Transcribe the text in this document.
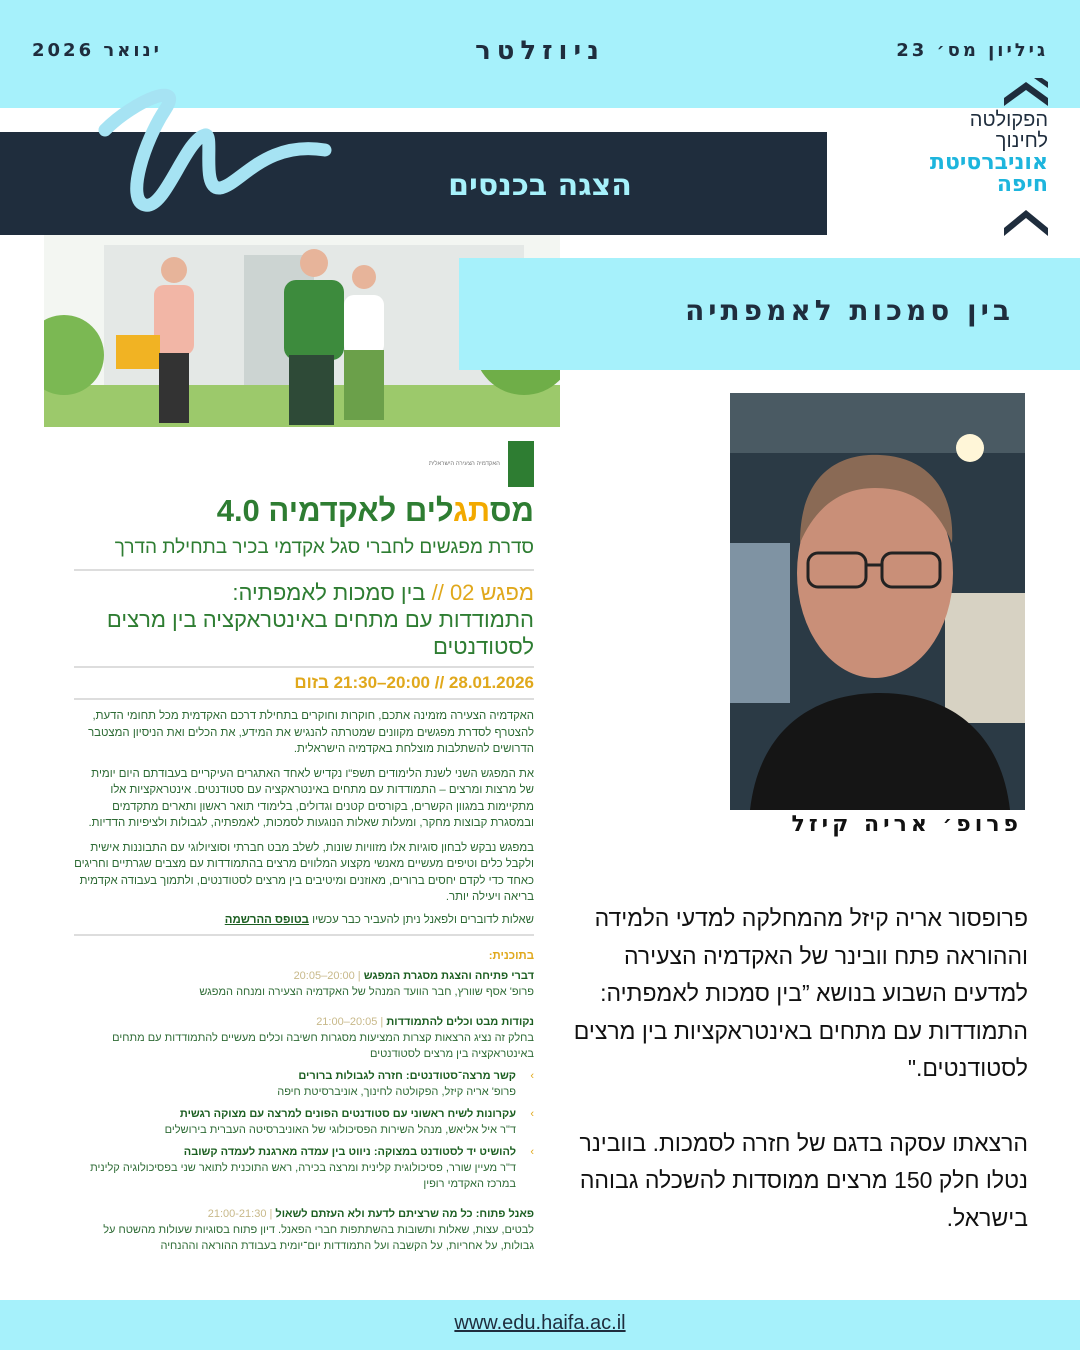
גיליון מס׳ 23
ניוזלטר
ינואר 2026
הפקולטה
לחינוך
אוניברסיטת
חיפה
הצגה בכנסים
האקדמיה הצעירה הישראלית
מסתגלים לאקדמיה 4.0
סדרת מפגשים לחברי סגל אקדמי בכיר בתחילת הדרך
מפגש 02 // בין סמכות לאמפתיה:
התמודדות עם מתחים באינטראקציה בין מרצים לסטודנטים
28.01.2026 // 20:00–21:30 בזום

האקדמיה הצעירה מזמינה אתכם, חוקרות וחוקרים בתחילת דרכם האקדמית מכל תחומי הדעת, להצטרף לסדרת מפגשים מקוונים שמטרתה להנגיש את המידע, את הכלים ואת הניסיון המצטבר הדרושים להשתלבות מוצלחת באקדמיה הישראלית.

את המפגש השני לשנת הלימודים תשפ"ו נקדיש לאחד האתגרים העיקריים בעבודתם היום יומית של מרצות ומרצים – התמודדות עם מתחים באינטראקציה עם סטודנטים. אינטראקציות אלו מתקיימות במגוון הקשרים, בקורסים קטנים וגדולים, בלימודי תואר ראשון ותארים מתקדמים ובמסגרת קבוצות מחקר, ומעלות שאלות הנוגעות לסמכות, לאמפתיה, לגבולות ולציפיות הדדיות.

במפגש נבקש לבחון סוגיות אלו מזוויות שונות, לשלב מבט חברתי וסוציולוגי עם התבוננות אישית ולקבל כלים וטיפים מעשיים מאנשי מקצוע המלווים מרצים בהתמודדות עם מצבים שגרתיים וחריגים כאחד כדי לקדם יחסים ברורים, מאוזנים ומיטיבים בין מרצים לסטודנטים, ולתמוך בעבודה אקדמית בריאה ויעילה יותר.

שאלות לדוברים ולפאנל ניתן להעביר כבר עכשיו בטופס ההרשמה
בתוכנית:
דברי פתיחה והצגת מסגרת המפגש | 20:00–20:05
פרופ' אסף שוורץ, חבר הוועד המנהל של האקדמיה הצעירה ומנחה המפגש
נקודות מבט וכלים להתמודדות | 20:05–21:00
בחלק זה נציג הרצאות קצרות המציעות מסגרות חשיבה וכלים מעשיים להתמודדות עם מתחים באינטראקציה בין מרצים לסטודנטים
› קשר מרצה־סטודנטים: חזרה לגבולות ברורים
פרופ' אריה קיזל, הפקולטה לחינוך, אוניברסיטת חיפה
› עקרונות לשיח ראשוני עם סטודנטים הפונים למרצה עם מצוקה רגשית
ד"ר איל אליאש, מנהל השירות הפסיכולוגי של האוניברסיטה העברית בירושלים
› להושיט יד לסטודנט במצוקה: ניווט בין עמדה מארגנת לעמדה קשובה
ד"ר מעיין שורר, פסיכולוגית קלינית ומרצה בכירה, ראש התוכנית לתואר שני בפסיכולוגיה קלינית במרכז האקדמי רופין
פאנל פתוח: כל מה שרציתם לדעת ולא העזתם לשאול | 21:00-21:30
לבטים, עצות, שאלות ותשובות בהשתתפות חברי הפאנל. דיון פתוח בסוגיות שעולות מהשטח על גבולות, על אחריות, על הקשבה ועל התמודדות יום־יומית בעבודת ההוראה וההנחיה
בין סמכות לאמפתיה
פרופ׳ אריה קיזל
פרופסור אריה קיזל מהמחלקה למדעי הלמידה וההוראה פתח וובינר של האקדמיה הצעירה למדעים השבוע בנושא ”בין סמכות לאמפתיה: התמודדות עם מתחים באינטראקציות בין מרצים לסטודנטים."
הרצאתו עסקה בדגם של חזרה לסמכות. בוובינר נטלו חלק 150 מרצים ממוסדות להשכלה גבוהה בישראל.
www.edu.haifa.ac.il
